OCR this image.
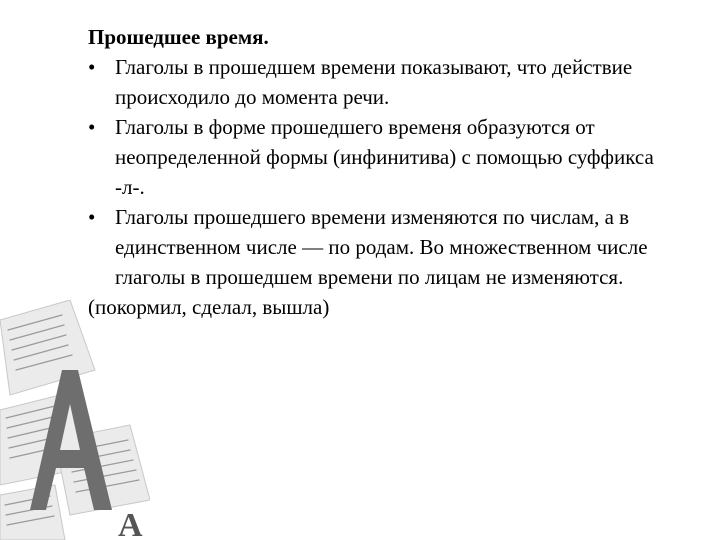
А
Прошедшее время.
• Глаголы в прошедшем времени показывают, что действие происходило до момента речи.
• Глаголы в форме прошедшего временя образуются от неопределенной формы (инфинитива) с помощью суффикса -л-.
• Глаголы прошедшего времени изменяются по числам, а в единственном числе — по родам. Во множественном числе глаголы в прошедшем времени по лицам не изменяются.

(покормил, сделал, вышла)
